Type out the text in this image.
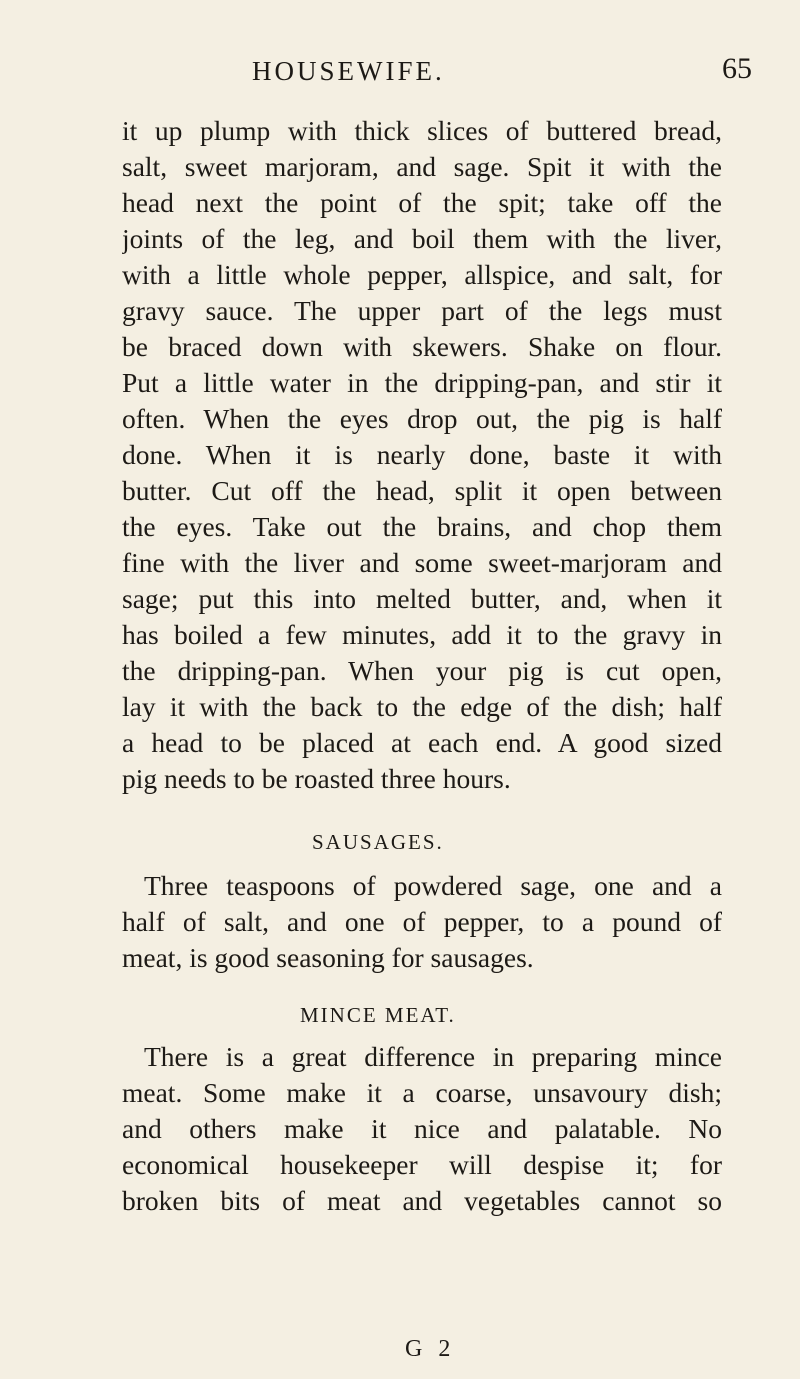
HOUSEWIFE.	65
it up plump with thick slices of buttered bread,
salt, sweet marjoram, and sage. Spit it with the
head next the point of the spit; take off the
joints of the leg, and boil them with the liver,
with a little whole pepper, allspice, and salt, for
gravy sauce. The upper part of the legs must
be braced down with skewers. Shake on flour.
Put a little water in the dripping-pan, and stir it
often. When the eyes drop out, the pig is half
done. When it is nearly done, baste it with
butter. Cut off the head, split it open between
the eyes. Take out the brains, and chop them
fine with the liver and some sweet-marjoram and
sage; put this into melted butter, and, when it
has boiled a few minutes, add it to the gravy in
the dripping-pan. When your pig is cut open,
lay it with the back to the edge of the dish; half
a head to be placed at each end. A good sized
pig needs to be roasted three hours.
SAUSAGES.
Three teaspoons of powdered sage, one and a
half of salt, and one of pepper, to a pound of
meat, is good seasoning for sausages.
MINCE MEAT.
There is a great difference in preparing mince
meat. Some make it a coarse, unsavoury dish;
and others make it nice and palatable. No
economical housekeeper will despise it; for
broken bits of meat and vegetables cannot so
G 2
